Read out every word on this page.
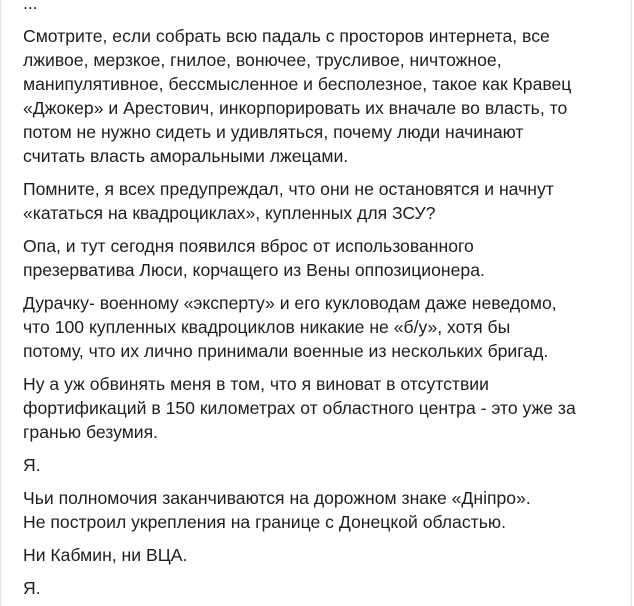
...

Смотрите, если собрать всю падаль с просторов интернета, все
лживое, мерзкое, гнилое, вонючее, трусливое, ничтожное,
манипулятивное, бессмысленное и бесполезное, такое как Кравец
«Джокер» и Арестович, инкорпорировать их вначале во власть, то
потом не нужно сидеть и удивляться, почему люди начинают
считать власть аморальными лжецами.

Помните, я всех предупреждал, что они не остановятся и начнут
«кататься на квадроциклах», купленных для ЗСУ?

Опа, и тут сегодня появился вброс от использованного
презерватива Люси, корчащего из Вены оппозиционера.

Дурачку- военному «эксперту» и его кукловодам даже неведомо,
что 100 купленных квадроциклов никакие не «б/у», хотя бы
потому, что их лично принимали военные из нескольких бригад.

Ну а уж обвинять меня в том, что я виноват в отсутствии
фортификаций в 150 километрах от областного центра - это уже за
гранью безумия.

Я.

Чьи полномочия заканчиваются на дорожном знаке «Дніпро».
Не построил укрепления на границе с Донецкой областью.

Ни Кабмин, ни ВЦА.

Я.
